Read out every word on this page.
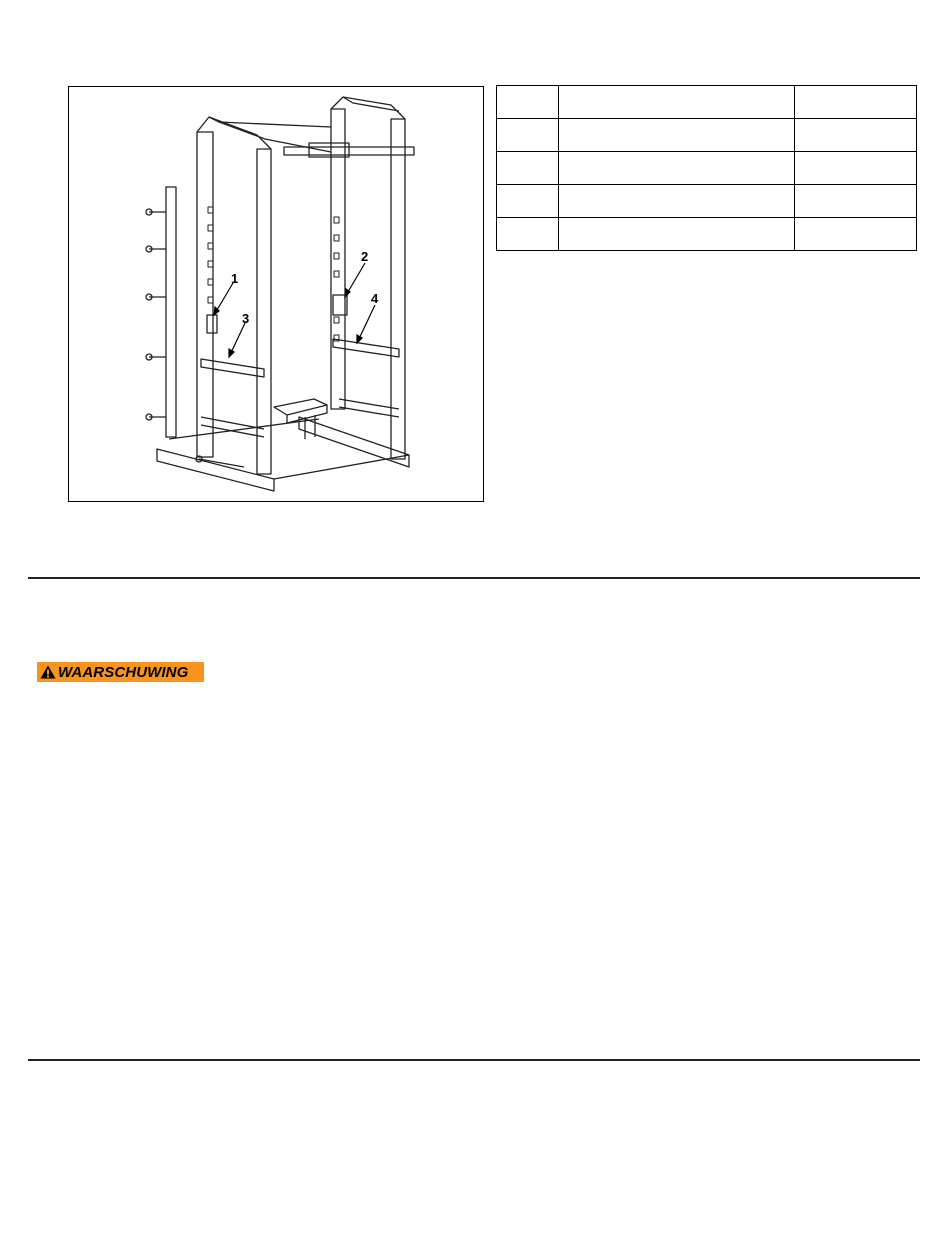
1
3
2
4

WAARSCHUWING
